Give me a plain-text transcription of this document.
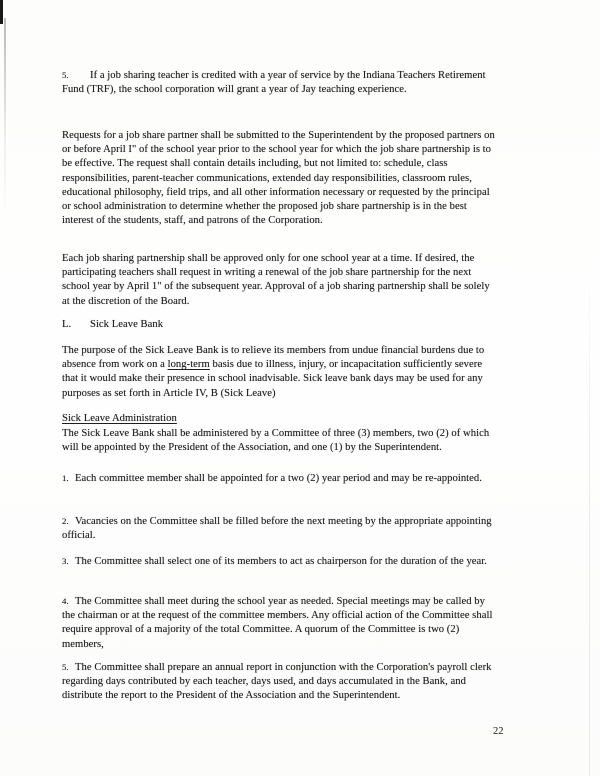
5. If a job sharing teacher is credited with a year of service by the Indiana Teachers Retirement Fund (TRF), the school corporation will grant a year of Jay teaching experience.

Requests for a job share partner shall be submitted to the Superintendent by the proposed partners on or before April I" of the school year prior to the school year for which the job share partnership is to be effective. The request shall contain details including, but not limited to: schedule, class responsibilities, parent-teacher communications, extended day responsibilities, classroom rules, educational philosophy, field trips, and all other information necessary or requested by the principal or school administration to determine whether the proposed job share partnership is in the best interest of the students, staff, and patrons of the Corporation.

Each job sharing partnership shall be approved only for one school year at a time. If desired, the participating teachers shall request in writing a renewal of the job share partnership for the next school year by April 1" of the subsequent year. Approval of a job sharing partnership shall be solely at the discretion of the Board.

L. Sick Leave Bank

The purpose of the Sick Leave Bank is to relieve its members from undue financial burdens due to absence from work on a long-term basis due to illness, injury, or incapacitation sufficiently severe that it would make their presence in school inadvisable. Sick leave bank days may be used for any purposes as set forth in Article IV, B (Sick Leave)

Sick Leave Administration

The Sick Leave Bank shall be administered by a Committee of three (3) members, two (2) of which will be appointed by the President of the Association, and one (1) by the Superintendent.

1. Each committee member shall be appointed for a two (2) year period and may be re-appointed.

2. Vacancies on the Committee shall be filled before the next meeting by the appropriate appointing official.

3. The Committee shall select one of its members to act as chairperson for the duration of the year.

4. The Committee shall meet during the school year as needed. Special meetings may be called by the chairman or at the request of the committee members. Any official action of the Committee shall require approval of a majority of the total Committee. A quorum of the Committee is two (2) members,

5. The Committee shall prepare an annual report in conjunction with the Corporation's payroll clerk regarding days contributed by each teacher, days used, and days accumulated in the Bank, and distribute the report to the President of the Association and the Superintendent.

22
